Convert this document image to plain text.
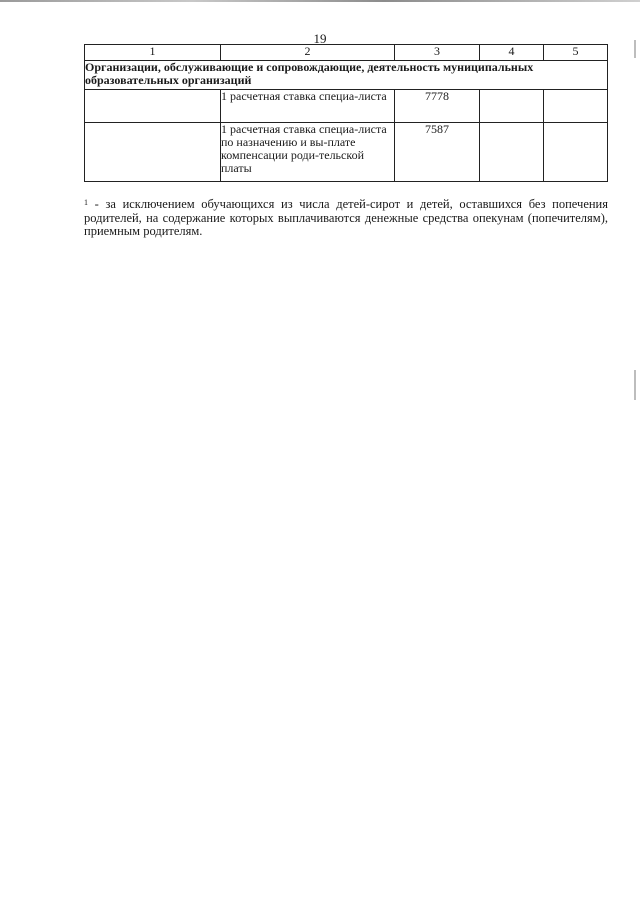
19
1	2	3	4	5
Организации, обслуживающие и сопровождающие, деятельность муниципальных образовательных организаций				
	1 расчетная ставка специа-листа	7778		
	1 расчетная ставка специа-листа по назначению и вы-плате компенсации роди-тельской платы	7587		
$^1$ - за исключением обучающихся из числа детей-сирот и детей, оставшихся без попечения родителей, на содержание которых выплачиваются денежные средства опекунам (попечителям), приемным родителям.
